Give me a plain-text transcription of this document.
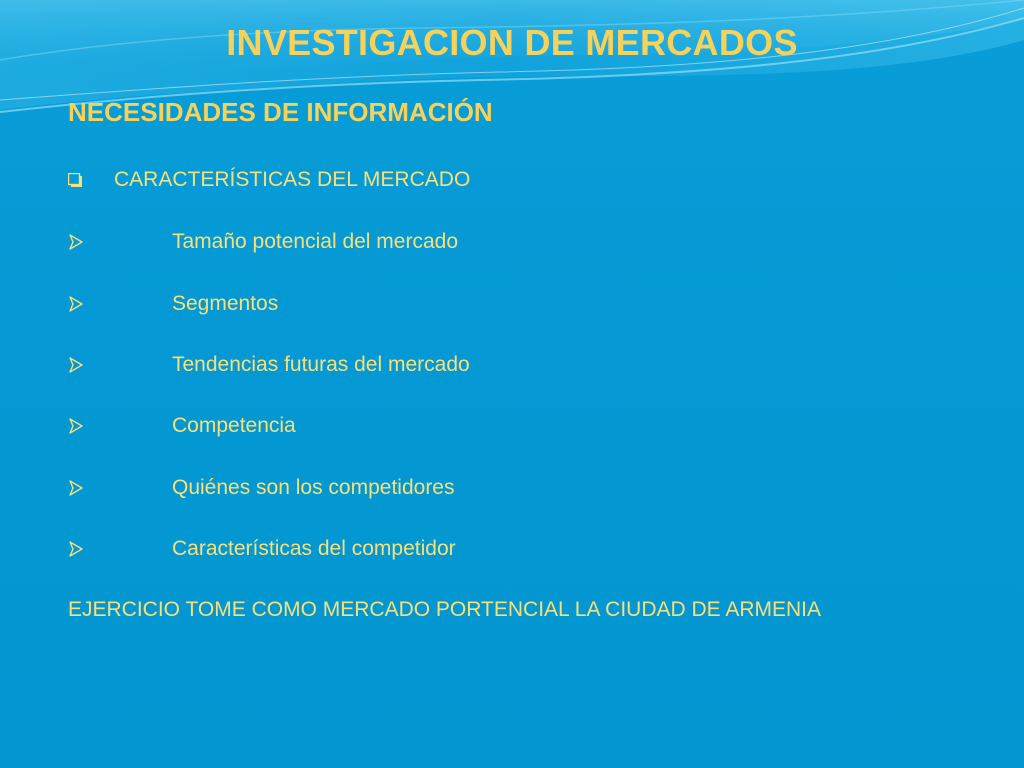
INVESTIGACION DE MERCADOS
NECESIDADES DE INFORMACIÓN
CARACTERÍSTICAS DEL MERCADO
Tamaño potencial del mercado
Segmentos
Tendencias futuras del mercado
Competencia
Quiénes son los competidores
Características del competidor
EJERCICIO TOME COMO MERCADO PORTENCIAL LA CIUDAD DE ARMENIA
